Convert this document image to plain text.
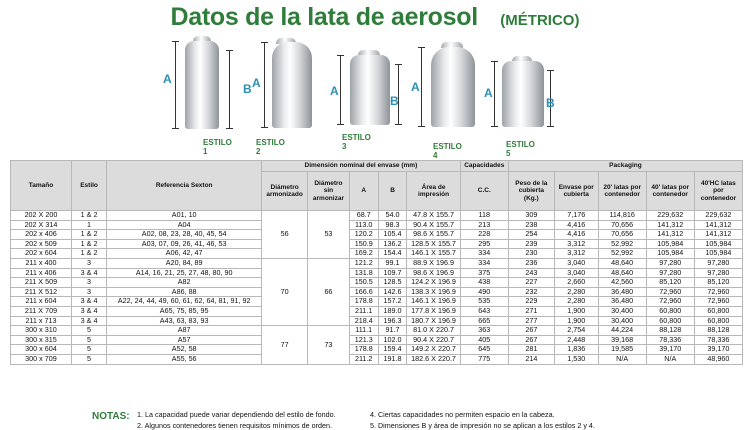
Datos de la lata de aerosol (MÉTRICO)
A
B
ESTILO 1
A
ESTILO 2
A
B
ESTILO 3
A
ESTILO 4
A
B
ESTILO 5
Tamaño	Estilo	Referencia Sexton	Dimensión nominal del envase (mm)					Capacidades	Packaging				
			Diámetro armonizado	Diámetro sin armonizar	A	B	Área de impresión	C.C.	Peso de la cubierta (Kg.)	Envase por cubierta	20' latas por contenedor	40' latas por contenedor	40'HC latas por contenedor
202 X 200	1 & 2	A01, 10	56	53	68.7	54.0	47.8 X 155.7	118	309	7,176	114,816	229,632	229,632
202 X 314	1	A04			113.0	98.3	90.4 X 155.7	213	238	4,416	70,656	141,312	141,312
202 x 406	1 & 2	A02, 08, 23, 28, 40, 45, 54			120.2	105.4	98.6 X 155.7	228	254	4,416	70,656	141,312	141,312
202 x 509	1 & 2	A03, 07, 09, 26, 41, 46, 53			150.9	136.2	128.5 X 155.7	295	239	3,312	52,992	105,984	105,984
202 x 604	1 & 2	A06, 42, 47			169.2	154.4	146.1 X 155.7	334	230	3,312	52,992	105,984	105,984
211 x 400	3	A20, 84, 89	70	66	121.2	99.1	88.9 X 196.9	334	236	3,040	48,640	97,280	97,280
211 x 406	3 & 4	A14, 16, 21, 25, 27, 48, 80, 90			131.8	109.7	98.6 X 196.9	375	243	3,040	48,640	97,280	97,280
211 X 509	3	A82			150.5	128.5	124.2 X 196.9	438	227	2,660	42,560	85,120	85,120
211 X 512	3	A86, 88			166.6	142.6	138.3 X 196.9	490	232	2,280	36,480	72,960	72,960
211 x 604	3 & 4	A22, 24, 44, 49, 60, 61, 62, 64, 81, 91, 92			178.8	157.2	146.1 X 196.9	535	229	2,280	36,480	72,960	72,960
211 X 709	3 & 4	A65, 75, 85, 95			211.1	189.0	177.8 X 196.9	643	271	1,900	30,400	60,800	60,800
211 x 713	3 & 4	A43, 63, 83, 93			218.4	196.3	180.7 X 196.9	665	277	1,900	30,400	60,800	60,800
300 x 310	5	A87	77	73	111.1	91.7	81.0 X 220.7	363	267	2,754	44,224	88,128	88,128
300 x 315	5	A57			121.3	102.0	90.4 X 220.7	405	267	2,448	39,168	78,336	78,336
300 x 604	5	A52, 58			178.8	159.4	149.2 X 220.7	645	281	1,836	19,585	39,170	39,170
300 x 709	5	A55, 56			211.2	191.8	182.6 X 220.7	775	214	1,530	N/A	N/A	48,960
NOTAS: 1. La capacidad puede variar dependiendo del estilo de fondo.
2. Algunos contenedores tienen requisitos mínimos de orden.
4. Ciertas capacidades no permiten espacio en la cabeza.
5. Dimensiones B y área de impresión no se aplican a los estilos 2 y 4.
